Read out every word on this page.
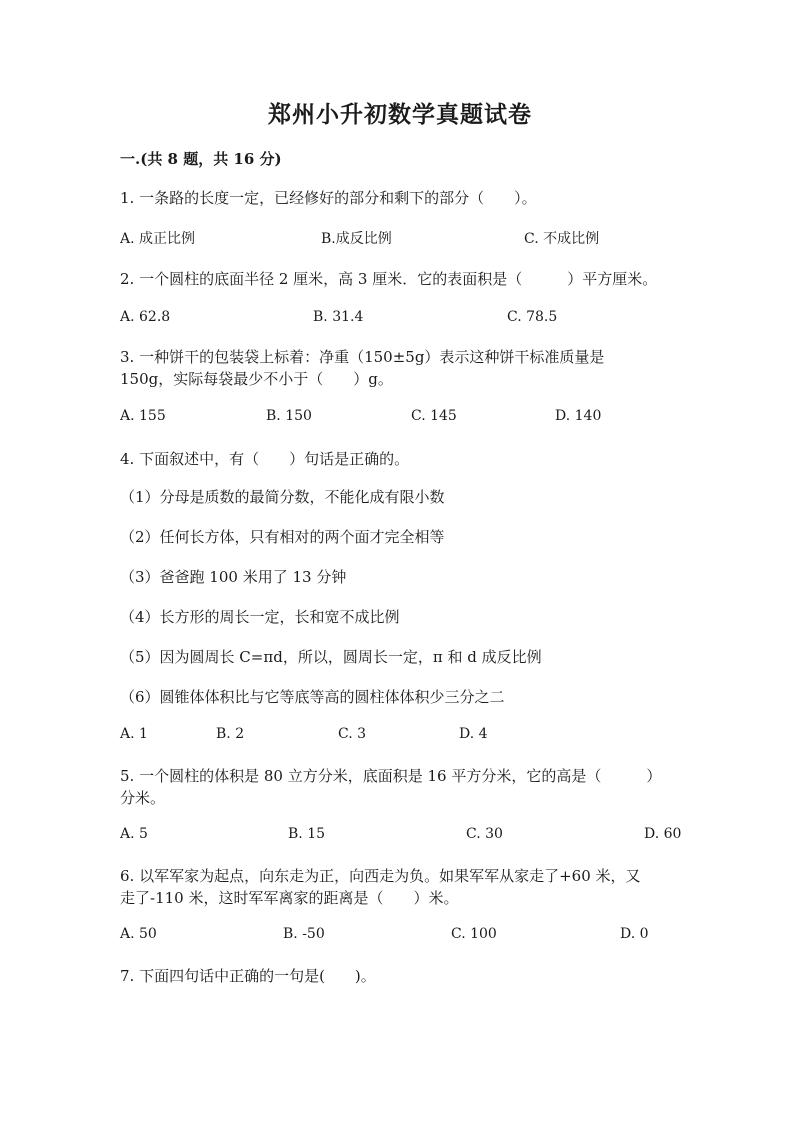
郑州小升初数学真题试卷
一.(共 8 题，共 16 分)
1. 一条路的长度一定，已经修好的部分和剩下的部分（　　）。
A. 成正比例	B.成反比例	C. 不成比例
2. 一个圆柱的底面半径 2 厘米，高 3 厘米．它的表面积是（　　　）平方厘米。
A. 62.8	B. 31.4	C. 78.5
3. 一种饼干的包装袋上标着：净重（150±5g）表示这种饼干标准质量是
150g，实际每袋最少不小于（　　）g。
A. 155	B. 150	C. 145	D. 140
4. 下面叙述中，有（　　）句话是正确的。
（1）分母是质数的最简分数，不能化成有限小数
（2）任何长方体，只有相对的两个面才完全相等
（3）爸爸跑 100 米用了 13 分钟
（4）长方形的周长一定，长和宽不成比例
（5）因为圆周长 C=πd，所以，圆周长一定，π 和 d 成反比例
（6）圆锥体体积比与它等底等高的圆柱体体积少三分之二
A. 1	B. 2	C. 3	D. 4
5. 一个圆柱的体积是 80 立方分米，底面积是 16 平方分米，它的高是（　　　）
分米。
A. 5	B. 15	C. 30	D. 60
6. 以军军家为起点，向东走为正，向西走为负。如果军军从家走了+60 米，又
走了-110 米，这时军军离家的距离是（　　）米。
A. 50	B. -50	C. 100	D. 0
7. 下面四句话中正确的一句是(　　)。
